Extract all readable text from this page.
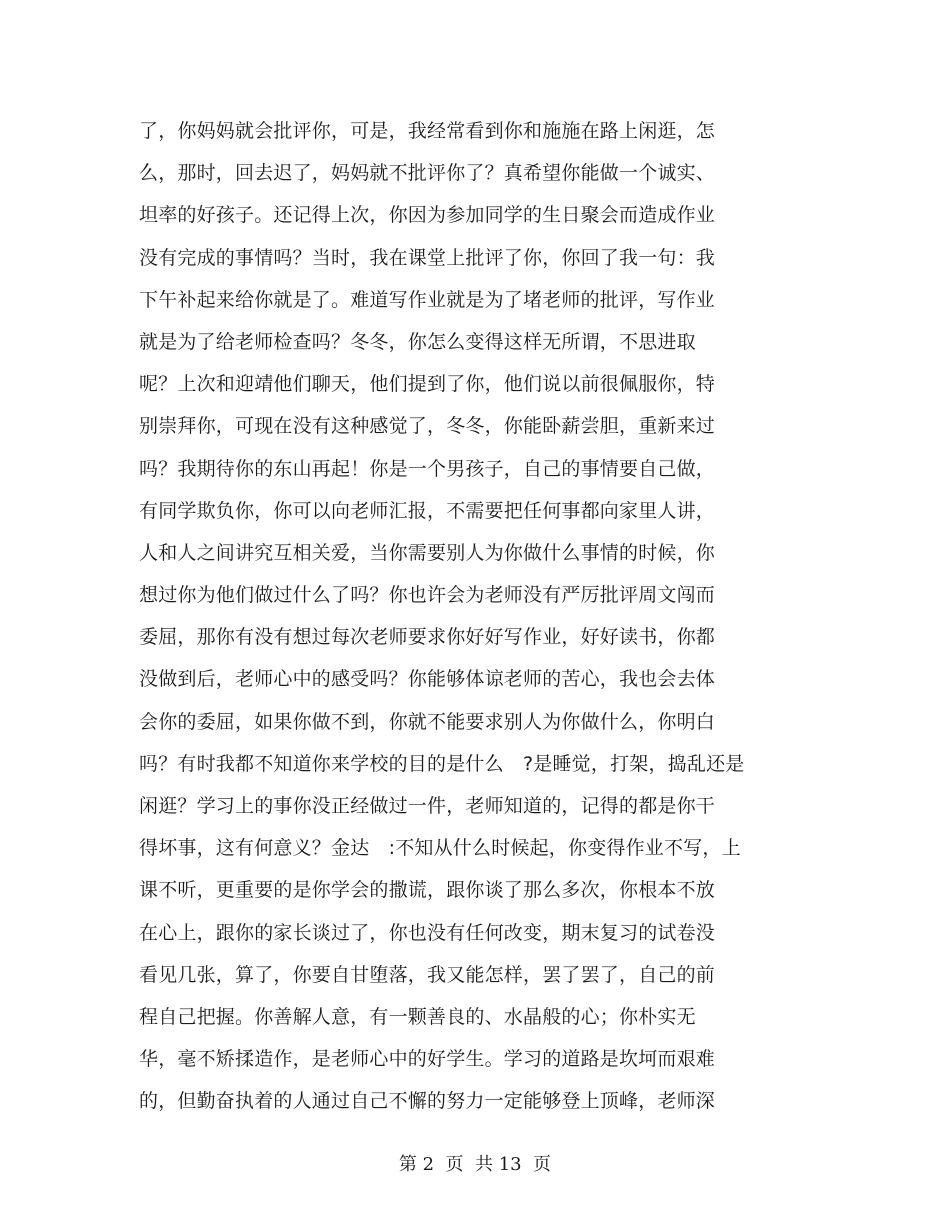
了，你妈妈就会批评你，可是，我经常看到你和施施在路上闲逛，怎
么，那时，回去迟了，妈妈就不批评你了？真希望你能做一个诚实、
坦率的好孩子。还记得上次，你因为参加同学的生日聚会而造成作业
没有完成的事情吗？当时，我在课堂上批评了你，你回了我一句：我
下午补起来给你就是了。难道写作业就是为了堵老师的批评，写作业
就是为了给老师检查吗？冬冬，你怎么变得这样无所谓，不思进取
呢？上次和迎靖他们聊天，他们提到了你，他们说以前很佩服你，特
别崇拜你，可现在没有这种感觉了，冬冬，你能卧薪尝胆，重新来过
吗？我期待你的东山再起！你是一个男孩子，自己的事情要自己做，
有同学欺负你，你可以向老师汇报，不需要把任何事都向家里人讲，
人和人之间讲究互相关爱，当你需要别人为你做什么事情的时候，你
想过你为他们做过什么了吗？你也许会为老师没有严厉批评周文闯而
委屈，那你有没有想过每次老师要求你好好写作业，好好读书，你都
没做到后，老师心中的感受吗？你能够体谅老师的苦心，我也会去体
会你的委屈，如果你做不到，你就不能要求别人为你做什么，你明白
吗？有时我都不知道你来学校的目的是什么　?是睡觉，打架，捣乱还是
闲逛？学习上的事你没正经做过一件，老师知道的，记得的都是你干
得坏事，这有何意义？金达　:不知从什么时候起，你变得作业不写，上
课不听，更重要的是你学会的撒谎，跟你谈了那么多次，你根本不放
在心上，跟你的家长谈过了，你也没有任何改变，期末复习的试卷没
看见几张，算了，你要自甘堕落，我又能怎样，罢了罢了，自己的前
程自己把握。你善解人意，有一颗善良的、水晶般的心；你朴实无
华，毫不矫揉造作，是老师心中的好学生。学习的道路是坎坷而艰难
的，但勤奋执着的人通过自己不懈的努力一定能够登上顶峰，老师深
第 2  页  共 13  页
